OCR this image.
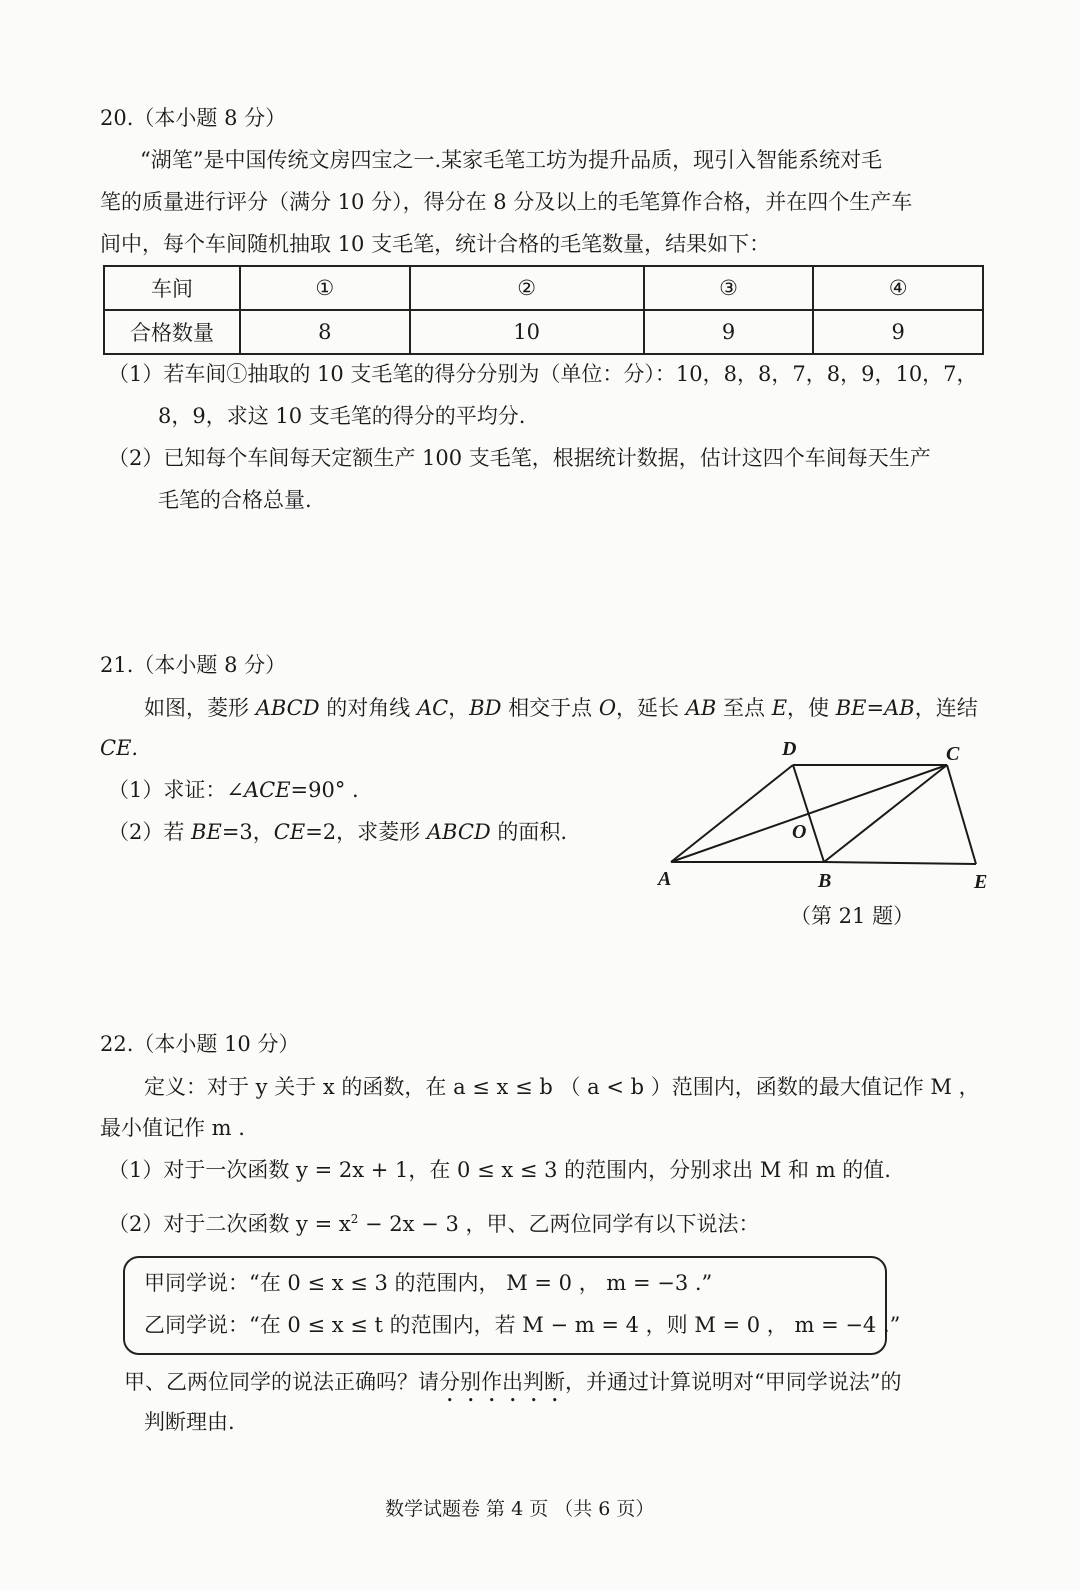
20.（本小题 8 分）
“湖笔”是中国传统文房四宝之一.某家毛笔工坊为提升品质，现引入智能系统对毛
笔的质量进行评分（满分 10 分），得分在 8 分及以上的毛笔算作合格，并在四个生产车
间中，每个车间随机抽取 10 支毛笔，统计合格的毛笔数量，结果如下：
车间	①	②	③	④
合格数量	8	10	9	9
（1）若车间①抽取的 10 支毛笔的得分分别为（单位：分）：10，8，8，7，8，9，10，7，
8，9，求这 10 支毛笔的得分的平均分.
（2）已知每个车间每天定额生产 100 支毛笔，根据统计数据，估计这四个车间每天生产
毛笔的合格总量.
21.（本小题 8 分）
如图，菱形 ABCD 的对角线 AC，BD 相交于点 O，延长 AB 至点 E，使 BE=AB，连结
CE.
（1）求证：∠ACE=90° .
（2）若 BE=3，CE=2，求菱形 ABCD 的面积.
D	C
O
A	B	E
（第 21 题）
22.（本小题 10 分）
定义：对于 y 关于 x 的函数，在 a ≤ x ≤ b （ a < b ）范围内，函数的最大值记作 M ，
最小值记作 m .
（1）对于一次函数 y = 2x + 1，在 0 ≤ x ≤ 3 的范围内，分别求出 M 和 m 的值.
（2）对于二次函数 $y = x^2 - 2x - 3$ ，甲、乙两位同学有以下说法：
甲同学说：“在 0 ≤ x ≤ 3 的范围内， M = 0 ， m = −3 .”
乙同学说：“在 0 ≤ x ≤ t 的范围内，若 M − m = 4 ，则 M = 0 ， m = −4 .”
甲、乙两位同学的说法正确吗？请分别作出判断，并通过计算说明对“甲同学说法”的
判断理由.
数学试题卷 第 4 页 （共 6 页）
